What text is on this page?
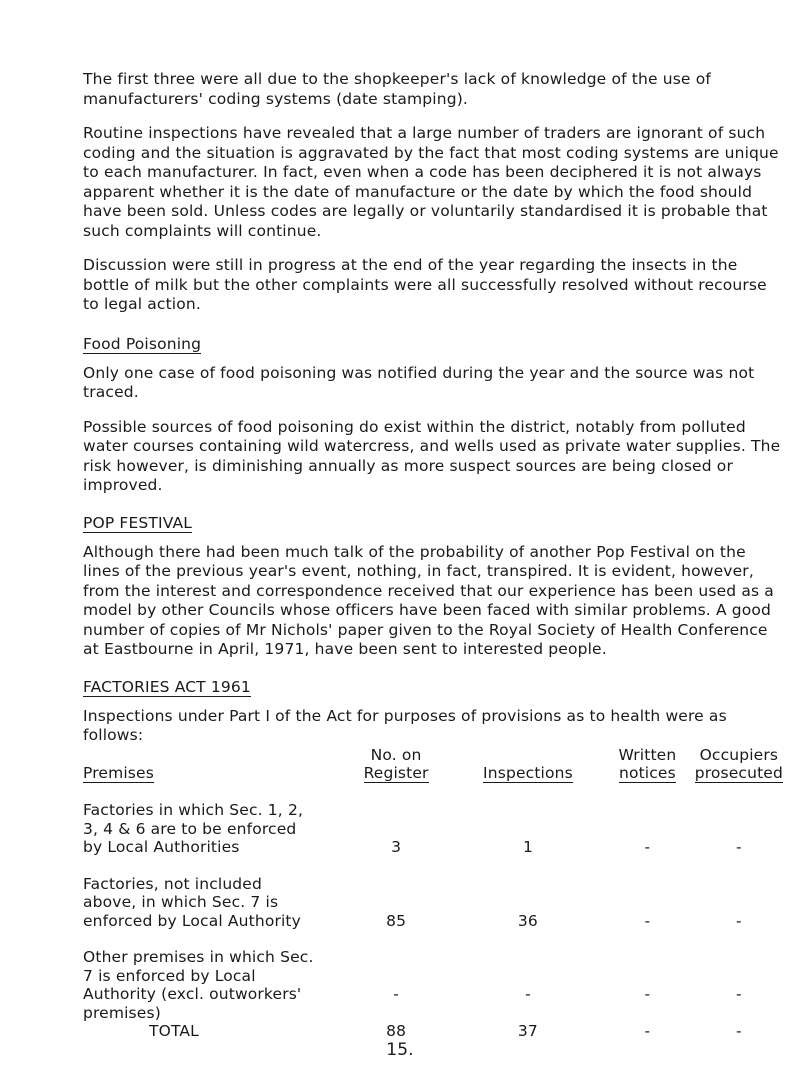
The first three were all due to the shopkeeper's lack of knowledge of the use of manufacturers' coding systems (date stamping).

Routine inspections have revealed that a large number of traders are ignorant of such coding and the situation is aggravated by the fact that most coding systems are unique to each manufacturer. In fact, even when a code has been deciphered it is not always apparent whether it is the date of manufacture or the date by which the food should have been sold. Unless codes are legally or voluntarily standardised it is probable that such complaints will continue.

Discussion were still in progress at the end of the year regarding the insects in the bottle of milk but the other complaints were all successfully resolved without recourse to legal action.

Food Poisoning

Only one case of food poisoning was notified during the year and the source was not traced.

Possible sources of food poisoning do exist within the district, notably from polluted water courses containing wild watercress, and wells used as private water supplies. The risk however, is diminishing annually as more suspect sources are being closed or improved.

POP FESTIVAL

Although there had been much talk of the probability of another Pop Festival on the lines of the previous year's event, nothing, in fact, transpired. It is evident, however, from the interest and correspondence received that our experience has been used as a model by other Councils whose officers have been faced with similar problems. A good number of copies of Mr Nichols' paper given to the Royal Society of Health Conference at Eastbourne in April, 1971, have been sent to interested people.

FACTORIES ACT 1961

Inspections under Part I of the Act for purposes of provisions as to health were as follows:

	No. on		Written	Occupiers
Premises	Register	Inspections	notices	prosecuted

Factories in which Sec. 1, 2,
3, 4 & 6 are to be enforced
by Local Authorities	3	1	-	-

Factories, not included
above, in which Sec. 7 is
enforced by Local Authority	85	36	-	-

Other premises in which Sec.
7 is enforced by Local
Authority (excl. outworkers'
premises)	-	-	-	-
TOTAL	88	37	-	-
15.
